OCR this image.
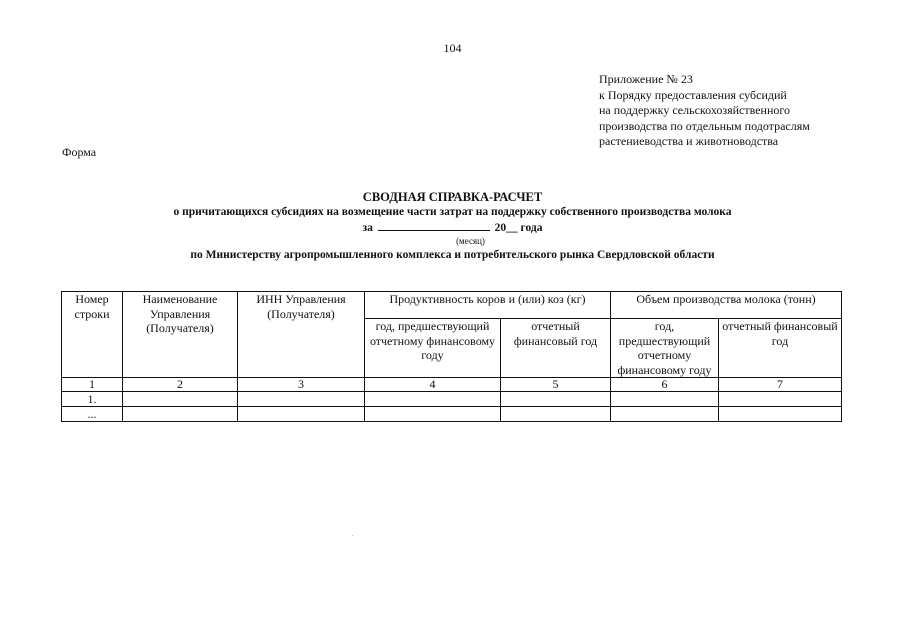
104
Приложение № 23
к Порядку предоставления субсидий
на поддержку сельскохозяйственного
производства по отдельным подотраслям
растениеводства и животноводства
Форма
СВОДНАЯ СПРАВКА-РАСЧЕТ
о причитающихся субсидиях на возмещение части затрат на поддержку собственного производства молока
за	20__ года
(месяц)
по Министерству агропромышленного комплекса и потребительского рынка Свердловской области
Номер строки	Наименование Управления (Получателя)	ИНН Управления (Получателя)	Продуктивность коров и (или) коз (кг)		Объем производства молока (тонн)	
			год, предшествующий отчетному финансовому году	отчетный финансовый год	год, предшествующий отчетному финансовому году	отчетный финансовый год
1	2	3	4	5	6	7
1.						
...						
